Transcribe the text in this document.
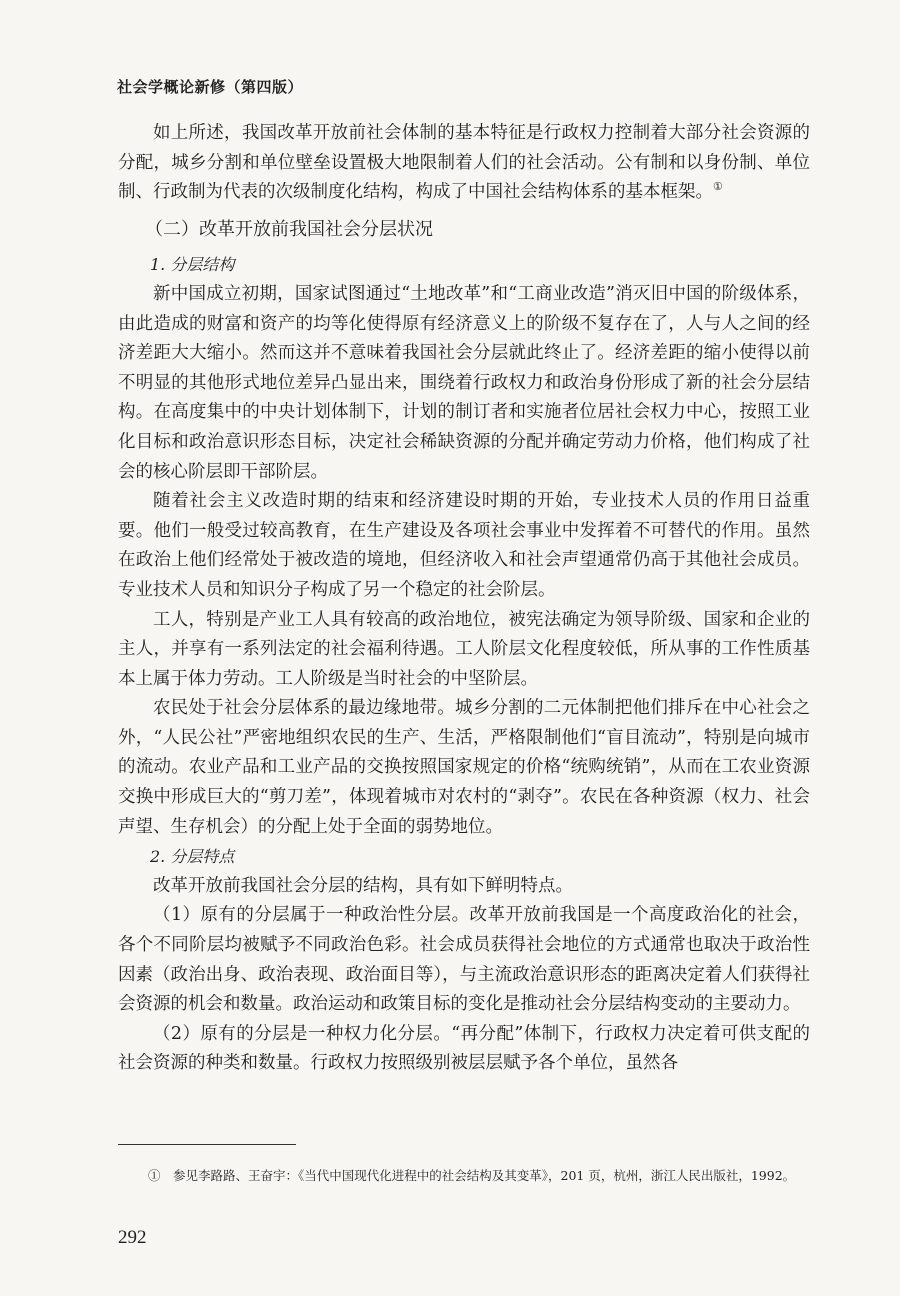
社会学概论新修（第四版）

如上所述，我国改革开放前社会体制的基本特征是行政权力控制着大部分社会资源的分配，城乡分割和单位壁垒设置极大地限制着人们的社会活动。公有制和以身份制、单位制、行政制为代表的次级制度化结构，构成了中国社会结构体系的基本框架。①

（二）改革开放前我国社会分层状况

1. 分层结构

新中国成立初期，国家试图通过“土地改革”和“工商业改造”消灭旧中国的阶级体系，由此造成的财富和资产的均等化使得原有经济意义上的阶级不复存在了，人与人之间的经济差距大大缩小。然而这并不意味着我国社会分层就此终止了。经济差距的缩小使得以前不明显的其他形式地位差异凸显出来，围绕着行政权力和政治身份形成了新的社会分层结构。在高度集中的中央计划体制下，计划的制订者和实施者位居社会权力中心，按照工业化目标和政治意识形态目标，决定社会稀缺资源的分配并确定劳动力价格，他们构成了社会的核心阶层即干部阶层。

随着社会主义改造时期的结束和经济建设时期的开始，专业技术人员的作用日益重要。他们一般受过较高教育，在生产建设及各项社会事业中发挥着不可替代的作用。虽然在政治上他们经常处于被改造的境地，但经济收入和社会声望通常仍高于其他社会成员。专业技术人员和知识分子构成了另一个稳定的社会阶层。

工人，特别是产业工人具有较高的政治地位，被宪法确定为领导阶级、国家和企业的主人，并享有一系列法定的社会福利待遇。工人阶层文化程度较低，所从事的工作性质基本上属于体力劳动。工人阶级是当时社会的中坚阶层。

农民处于社会分层体系的最边缘地带。城乡分割的二元体制把他们排斥在中心社会之外，“人民公社”严密地组织农民的生产、生活，严格限制他们“盲目流动”，特别是向城市的流动。农业产品和工业产品的交换按照国家规定的价格“统购统销”，从而在工农业资源交换中形成巨大的“剪刀差”，体现着城市对农村的“剥夺”。农民在各种资源（权力、社会声望、生存机会）的分配上处于全面的弱势地位。

2. 分层特点

改革开放前我国社会分层的结构，具有如下鲜明特点。

（1）原有的分层属于一种政治性分层。改革开放前我国是一个高度政治化的社会，各个不同阶层均被赋予不同政治色彩。社会成员获得社会地位的方式通常也取决于政治性因素（政治出身、政治表现、政治面目等），与主流政治意识形态的距离决定着人们获得社会资源的机会和数量。政治运动和政策目标的变化是推动社会分层结构变动的主要动力。

（2）原有的分层是一种权力化分层。“再分配”体制下，行政权力决定着可供支配的社会资源的种类和数量。行政权力按照级别被层层赋予各个单位，虽然各

①　参见李路路、王奋宇：《当代中国现代化进程中的社会结构及其变革》，201 页，杭州，浙江人民出版社，1992。
292
